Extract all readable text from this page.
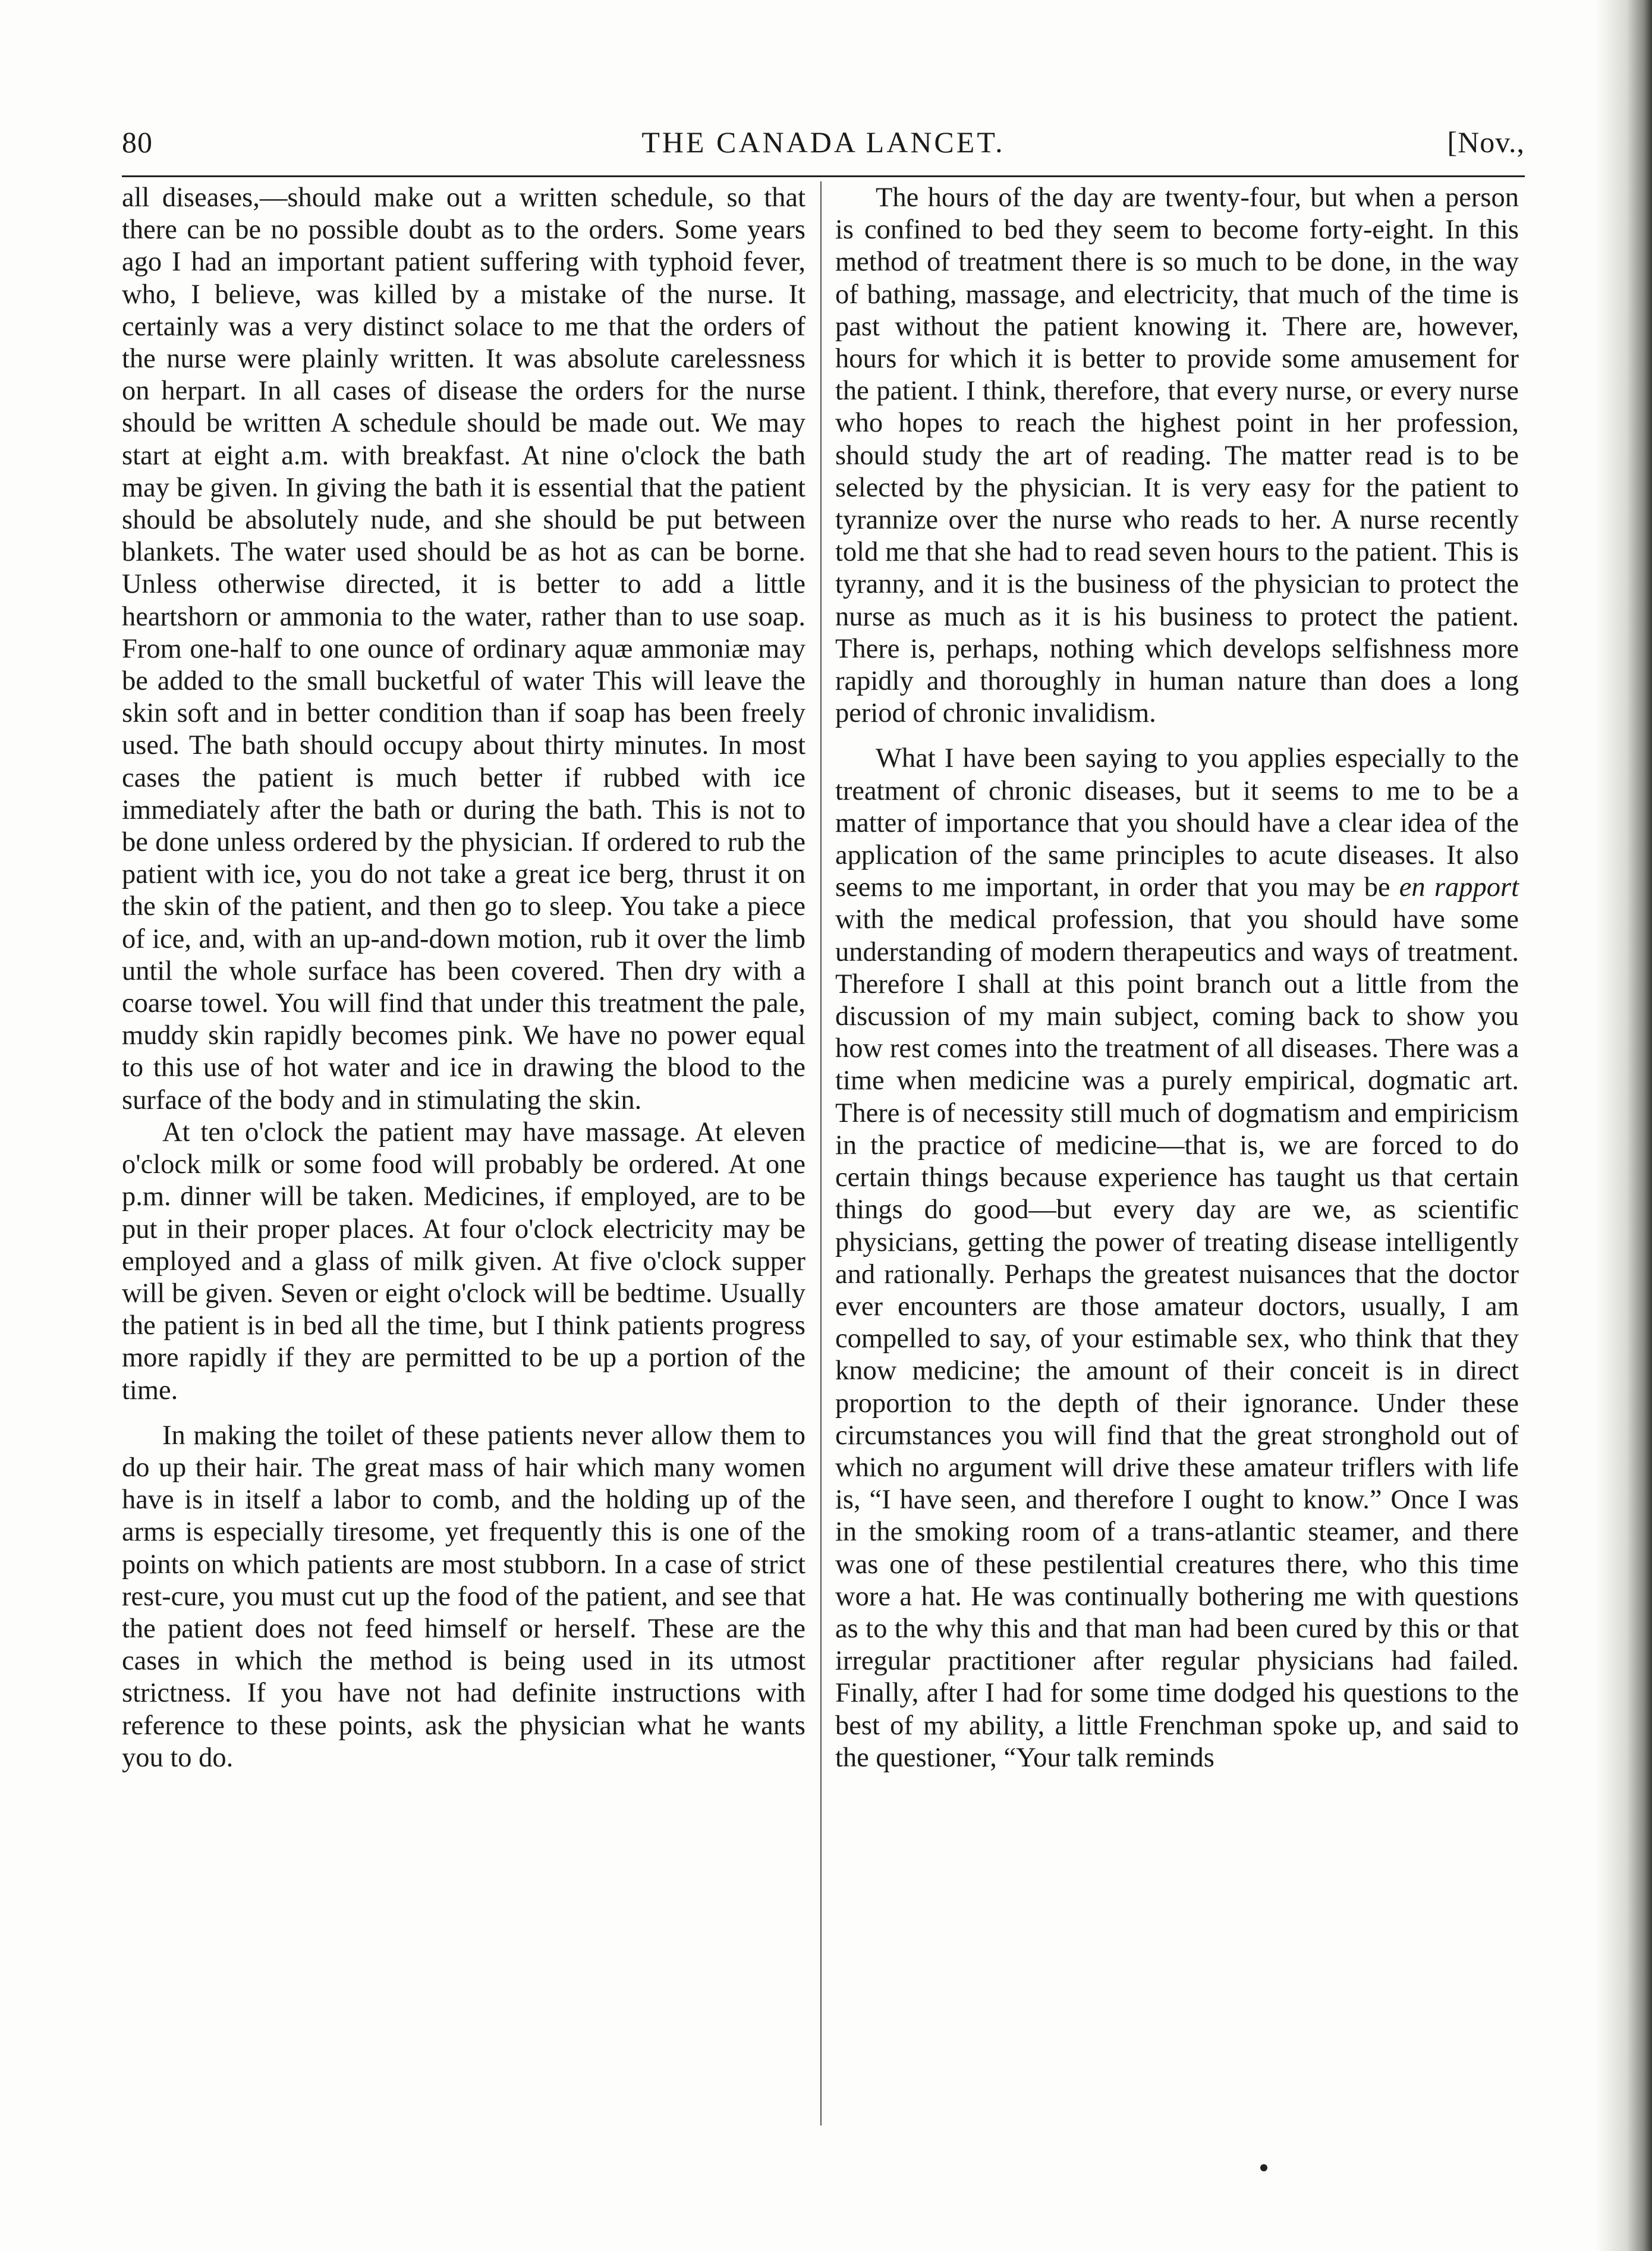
80	THE CANADA LANCET.	[Nov.,

all diseases,—should make out a written schedule, so that there can be no possible doubt as to the orders. Some years ago I had an important patient suffering with typhoid fever, who, I believe, was killed by a mistake of the nurse. It certainly was a very distinct solace to me that the orders of the nurse were plainly written. It was absolute carelessness on herpart. In all cases of disease the orders for the nurse should be written A schedule should be made out. We may start at eight a.m. with breakfast. At nine o'clock the bath may be given. In giving the bath it is essential that the patient should be absolutely nude, and she should be put between blankets. The water used should be as hot as can be borne. Unless otherwise directed, it is better to add a little heartshorn or ammonia to the water, rather than to use soap. From one-half to one ounce of ordinary aquæ ammoniæ may be added to the small bucketful of water This will leave the skin soft and in better condition than if soap has been freely used. The bath should occupy about thirty minutes. In most cases the patient is much better if rubbed with ice immediately after the bath or during the bath. This is not to be done unless ordered by the physician. If ordered to rub the patient with ice, you do not take a great ice berg, thrust it on the skin of the patient, and then go to sleep. You take a piece of ice, and, with an up-and-down motion, rub it over the limb until the whole surface has been covered. Then dry with a coarse towel. You will find that under this treatment the pale, muddy skin rapidly becomes pink. We have no power equal to this use of hot water and ice in drawing the blood to the surface of the body and in stimulating the skin.

At ten o'clock the patient may have massage. At eleven o'clock milk or some food will probably be ordered. At one p.m. dinner will be taken. Medicines, if employed, are to be put in their proper places. At four o'clock electricity may be employed and a glass of milk given. At five o'clock supper will be given. Seven or eight o'clock will be bedtime. Usually the patient is in bed all the time, but I think patients progress more rapidly if they are permitted to be up a portion of the time.

In making the toilet of these patients never allow them to do up their hair. The great mass of hair which many women have is in itself a labor to comb, and the holding up of the arms is especially tiresome, yet frequently this is one of the points on which patients are most stubborn. In a case of strict rest-cure, you must cut up the food of the patient, and see that the patient does not feed himself or herself. These are the cases in which the method is being used in its utmost strictness. If you have not had definite instructions with reference to these points, ask the physician what he wants you to do.

The hours of the day are twenty-four, but when a person is confined to bed they seem to become forty-eight. In this method of treatment there is so much to be done, in the way of bathing, massage, and electricity, that much of the time is past without the patient knowing it. There are, however, hours for which it is better to provide some amusement for the patient. I think, therefore, that every nurse, or every nurse who hopes to reach the highest point in her profession, should study the art of reading. The matter read is to be selected by the physician. It is very easy for the patient to tyrannize over the nurse who reads to her. A nurse recently told me that she had to read seven hours to the patient. This is tyranny, and it is the business of the physician to protect the nurse as much as it is his business to protect the patient. There is, perhaps, nothing which develops selfishness more rapidly and thoroughly in human nature than does a long period of chronic invalidism.

What I have been saying to you applies especially to the treatment of chronic diseases, but it seems to me to be a matter of importance that you should have a clear idea of the application of the same principles to acute diseases. It also seems to me important, in order that you may be en rapport with the medical profession, that you should have some understanding of modern therapeutics and ways of treatment. Therefore I shall at this point branch out a little from the discussion of my main subject, coming back to show you how rest comes into the treatment of all diseases. There was a time when medicine was a purely empirical, dogmatic art. There is of necessity still much of dogmatism and empiricism in the practice of medicine—that is, we are forced to do certain things because experience has taught us that certain things do good—but every day are we, as scientific physicians, getting the power of treating disease intelligently and rationally. Perhaps the greatest nuisances that the doctor ever encounters are those amateur doctors, usually, I am compelled to say, of your estimable sex, who think that they know medicine; the amount of their conceit is in direct proportion to the depth of their ignorance. Under these circumstances you will find that the great stronghold out of which no argument will drive these amateur triflers with life is, “I have seen, and therefore I ought to know.” Once I was in the smoking room of a trans-atlantic steamer, and there was one of these pestilential creatures there, who this time wore a hat. He was continually bothering me with questions as to the why this and that man had been cured by this or that irregular practitioner after regular physicians had failed. Finally, after I had for some time dodged his questions to the best of my ability, a little Frenchman spoke up, and said to the questioner, “Your talk reminds
